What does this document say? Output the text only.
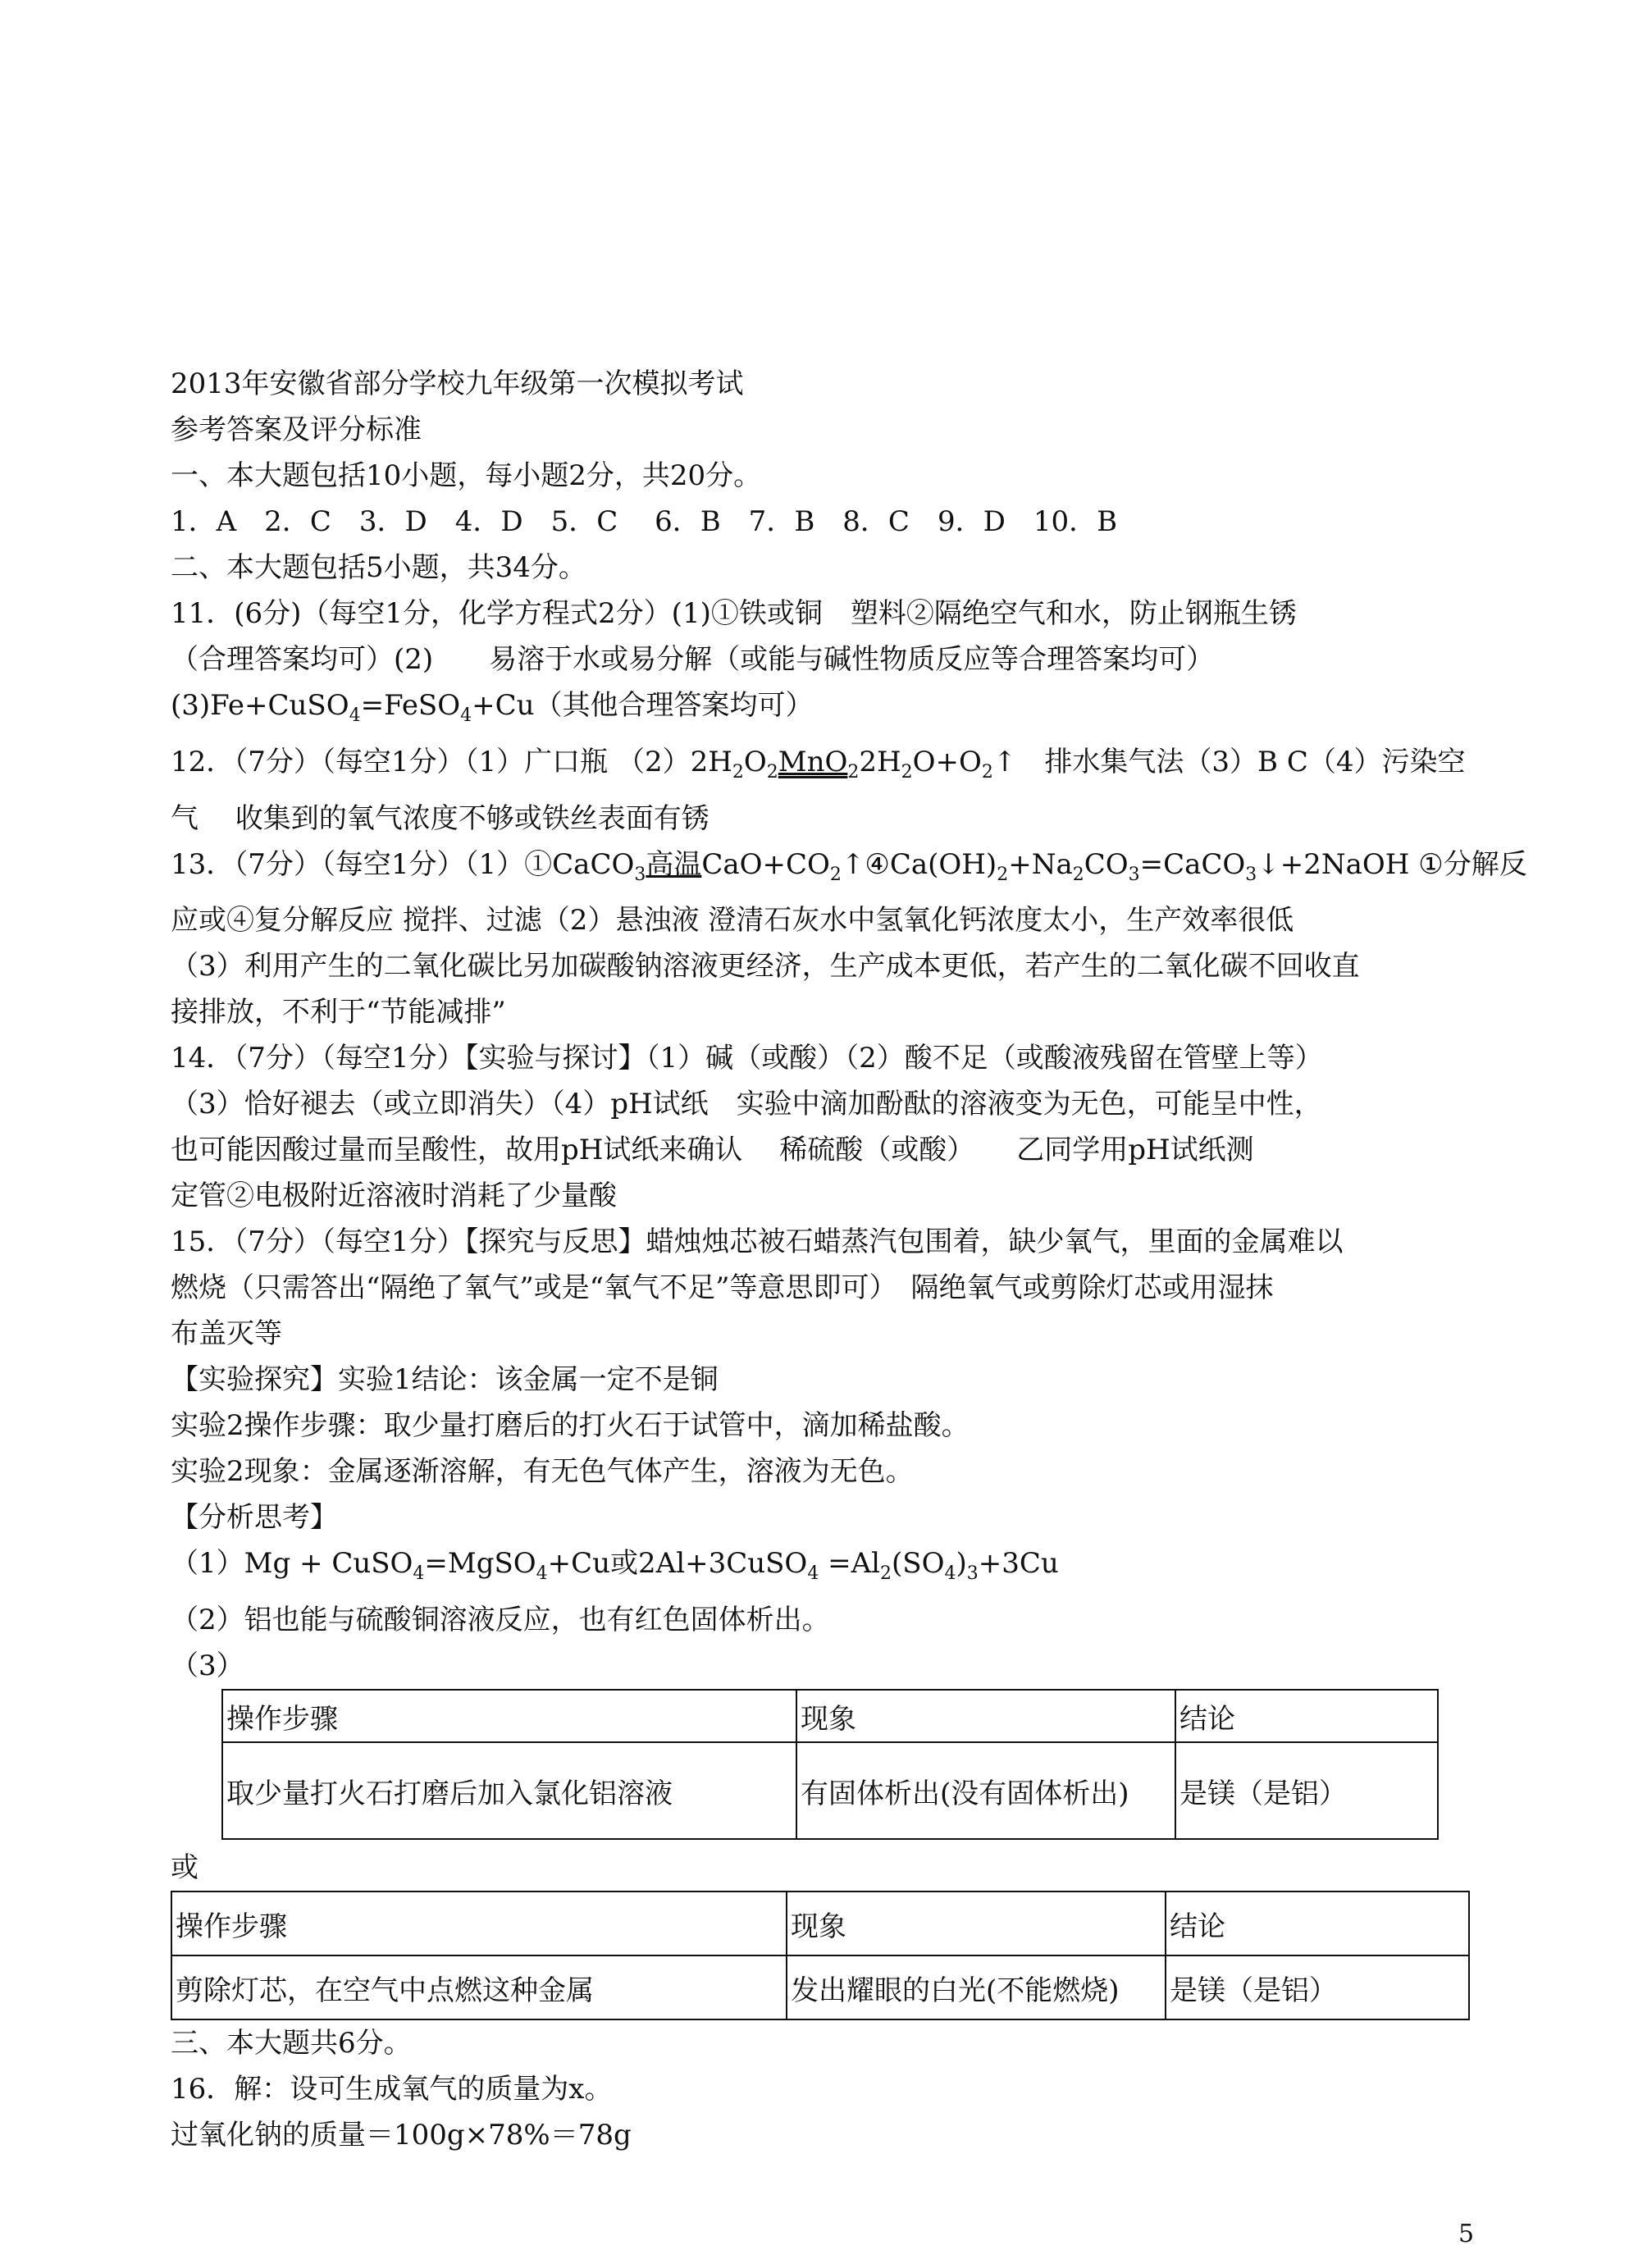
2013年安徽省部分学校九年级第一次模拟考试
参考答案及评分标准
一、本大题包括10小题，每小题2分，共20分。
1．A　2．C　3．D　4．D　5．C　 6．B　7．B　8．C　9．D　10．B
二、本大题包括5小题，共34分。
11．(6分)（每空1分，化学方程式2分）(1)①铁或铜　塑料②隔绝空气和水，防止钢瓶生锈
（合理答案均可）(2)　　易溶于水或易分解（或能与碱性物质反应等合理答案均可）
(3)Fe+CuSO$_4$=FeSO$_4$+Cu（其他合理答案均可）
12．（7分）（每空1分）（1）广口瓶 $(2)2H_2O_2MnO_22H_2O+O_2↑$　排水集气法（3）B C（4）污染空
气　 收集到的氧气浓度不够或铁丝表面有锈
13．（7分）（每空1分）（1）①CaCO$_3$高温$CaO+CO_2↑④Ca(OH)_2+Na_2CO_3=CaCO_3↓+2NaOH$ ①分解反
应或④复分解反应 搅拌、过滤（2）悬浊液 澄清石灰水中氢氧化钙浓度太小，生产效率很低
（3）利用产生的二氧化碳比另加碳酸钠溶液更经济，生产成本更低，若产生的二氧化碳不回收直
接排放，不利于“节能减排”
14．（7分）（每空1分）【实验与探讨】（1）碱（或酸）（2）酸不足（或酸液残留在管壁上等）
（3）恰好褪去（或立即消失）（4）pH试纸　实验中滴加酚酞的溶液变为无色，可能呈中性，
也可能因酸过量而呈酸性，故用pH试纸来确认　 稀硫酸（或酸）　　乙同学用pH试纸测
定管②电极附近溶液时消耗了少量酸
15．（7分）（每空1分）【探究与反思】蜡烛烛芯被石蜡蒸汽包围着，缺少氧气，里面的金属难以
燃烧（只需答出“隔绝了氧气”或是“氧气不足”等意思即可）　隔绝氧气或剪除灯芯或用湿抹
布盖灭等
【实验探究】实验1结论：该金属一定不是铜
实验2操作步骤：取少量打磨后的打火石于试管中，滴加稀盐酸。
实验2现象：金属逐渐溶解，有无色气体产生，溶液为无色。
【分析思考】
（1）Mg + CuSO$_4$=MgSO$_4$+Cu或2Al+3CuSO$_4$ $=Al_2(SO_4)_3+3Cu$
（2）铝也能与硫酸铜溶液反应，也有红色固体析出。
（3）
操作步骤	现象	结论
取少量打火石打磨后加入氯化铝溶液	有固体析出(没有固体析出)	是镁（是铝）
或
操作步骤	现象	结论
剪除灯芯，在空气中点燃这种金属	发出耀眼的白光(不能燃烧)	是镁（是铝）
三、本大题共6分。
16．解：设可生成氧气的质量为x。
过氧化钠的质量＝100g×78%＝78g
5
